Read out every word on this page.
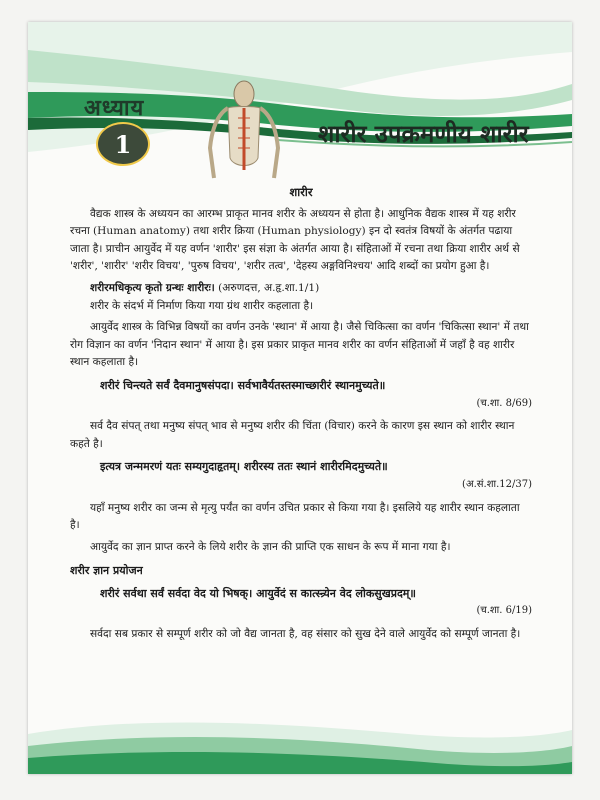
अध्याय
1	शारीर उपक्रमणीय शारीर

शारीर

वैद्यक शास्त्र के अध्ययन का आरम्भ प्राकृत मानव शरीर के अध्ययन से होता है। आधुनिक वैद्यक शास्त्र में यह शरीर रचना (Human anatomy) तथा शरीर क्रिया (Human physiology) इन दो स्वतंत्र विषयों के अंतर्गत पढाया जाता है। प्राचीन आयुर्वेद में यह वर्णन 'शारीर' इस संज्ञा के अंतर्गत आया है। संहिताओं में रचना तथा क्रिया शारीर अर्थ से 'शरीर', 'शारीर' 'शरीर विचय', 'पुरुष विचय', 'शरीर तत्व', 'देहस्य अङ्गविनिश्चय' आदि शब्दों का प्रयोग हुआ है।

शरीरमधिकृत्य कृतो ग्रन्थः शारीरः। (अरुणदत्त, अ.हृ.शा.1/1)

शरीर के संदर्भ में निर्माण किया गया ग्रंथ शारीर कहलाता है।

आयुर्वेद शास्त्र के विभिन्न विषयों का वर्णन उनके 'स्थान' में आया है। जैसे चिकित्सा का वर्णन 'चिकित्सा स्थान' में तथा रोग विज्ञान का वर्णन 'निदान स्थान' में आया है। इस प्रकार प्राकृत मानव शरीर का वर्णन संहिताओं में जहाँ है वह शारीर स्थान कहलाता है।

शरीरं चिन्त्यते सर्वं दैवमानुषसंपदा। सर्वभावैर्यतस्तस्माच्छारीरं स्थानमुच्यते॥

(च.शा. 8/69)

सर्व दैव संपत् तथा मनुष्य संपत् भाव से मनुष्य शरीर की चिंता (विचार) करने के कारण इस स्थान को शारीर स्थान कहते है।

इत्यत्र जन्ममरणं यतः सम्यगुदाहृतम्। शरीरस्य ततः स्थानं शारीरमिदमुच्यते॥

(अ.सं.शा.12/37)

यहाँ मनुष्य शरीर का जन्म से मृत्यु पर्यंत का वर्णन उचित प्रकार से किया गया है। इसलिये यह शारीर स्थान कहलाता है।

आयुर्वेद का ज्ञान प्राप्त करने के लिये शरीर के ज्ञान की प्राप्ति एक साधन के रूप में माना गया है।

शरीर ज्ञान प्रयोजन

शरीरं सर्वथा सर्वं सर्वदा वेद यो भिषक्। आयुर्वेदं स कात्स्न्र्येन वेद लोकसुखप्रदम्॥

(च.शा. 6/19)

सर्वदा सब प्रकार से सम्पूर्ण शरीर को जो वैद्य जानता है, वह संसार को सुख देने वाले आयुर्वेद को सम्पूर्ण जानता है।
